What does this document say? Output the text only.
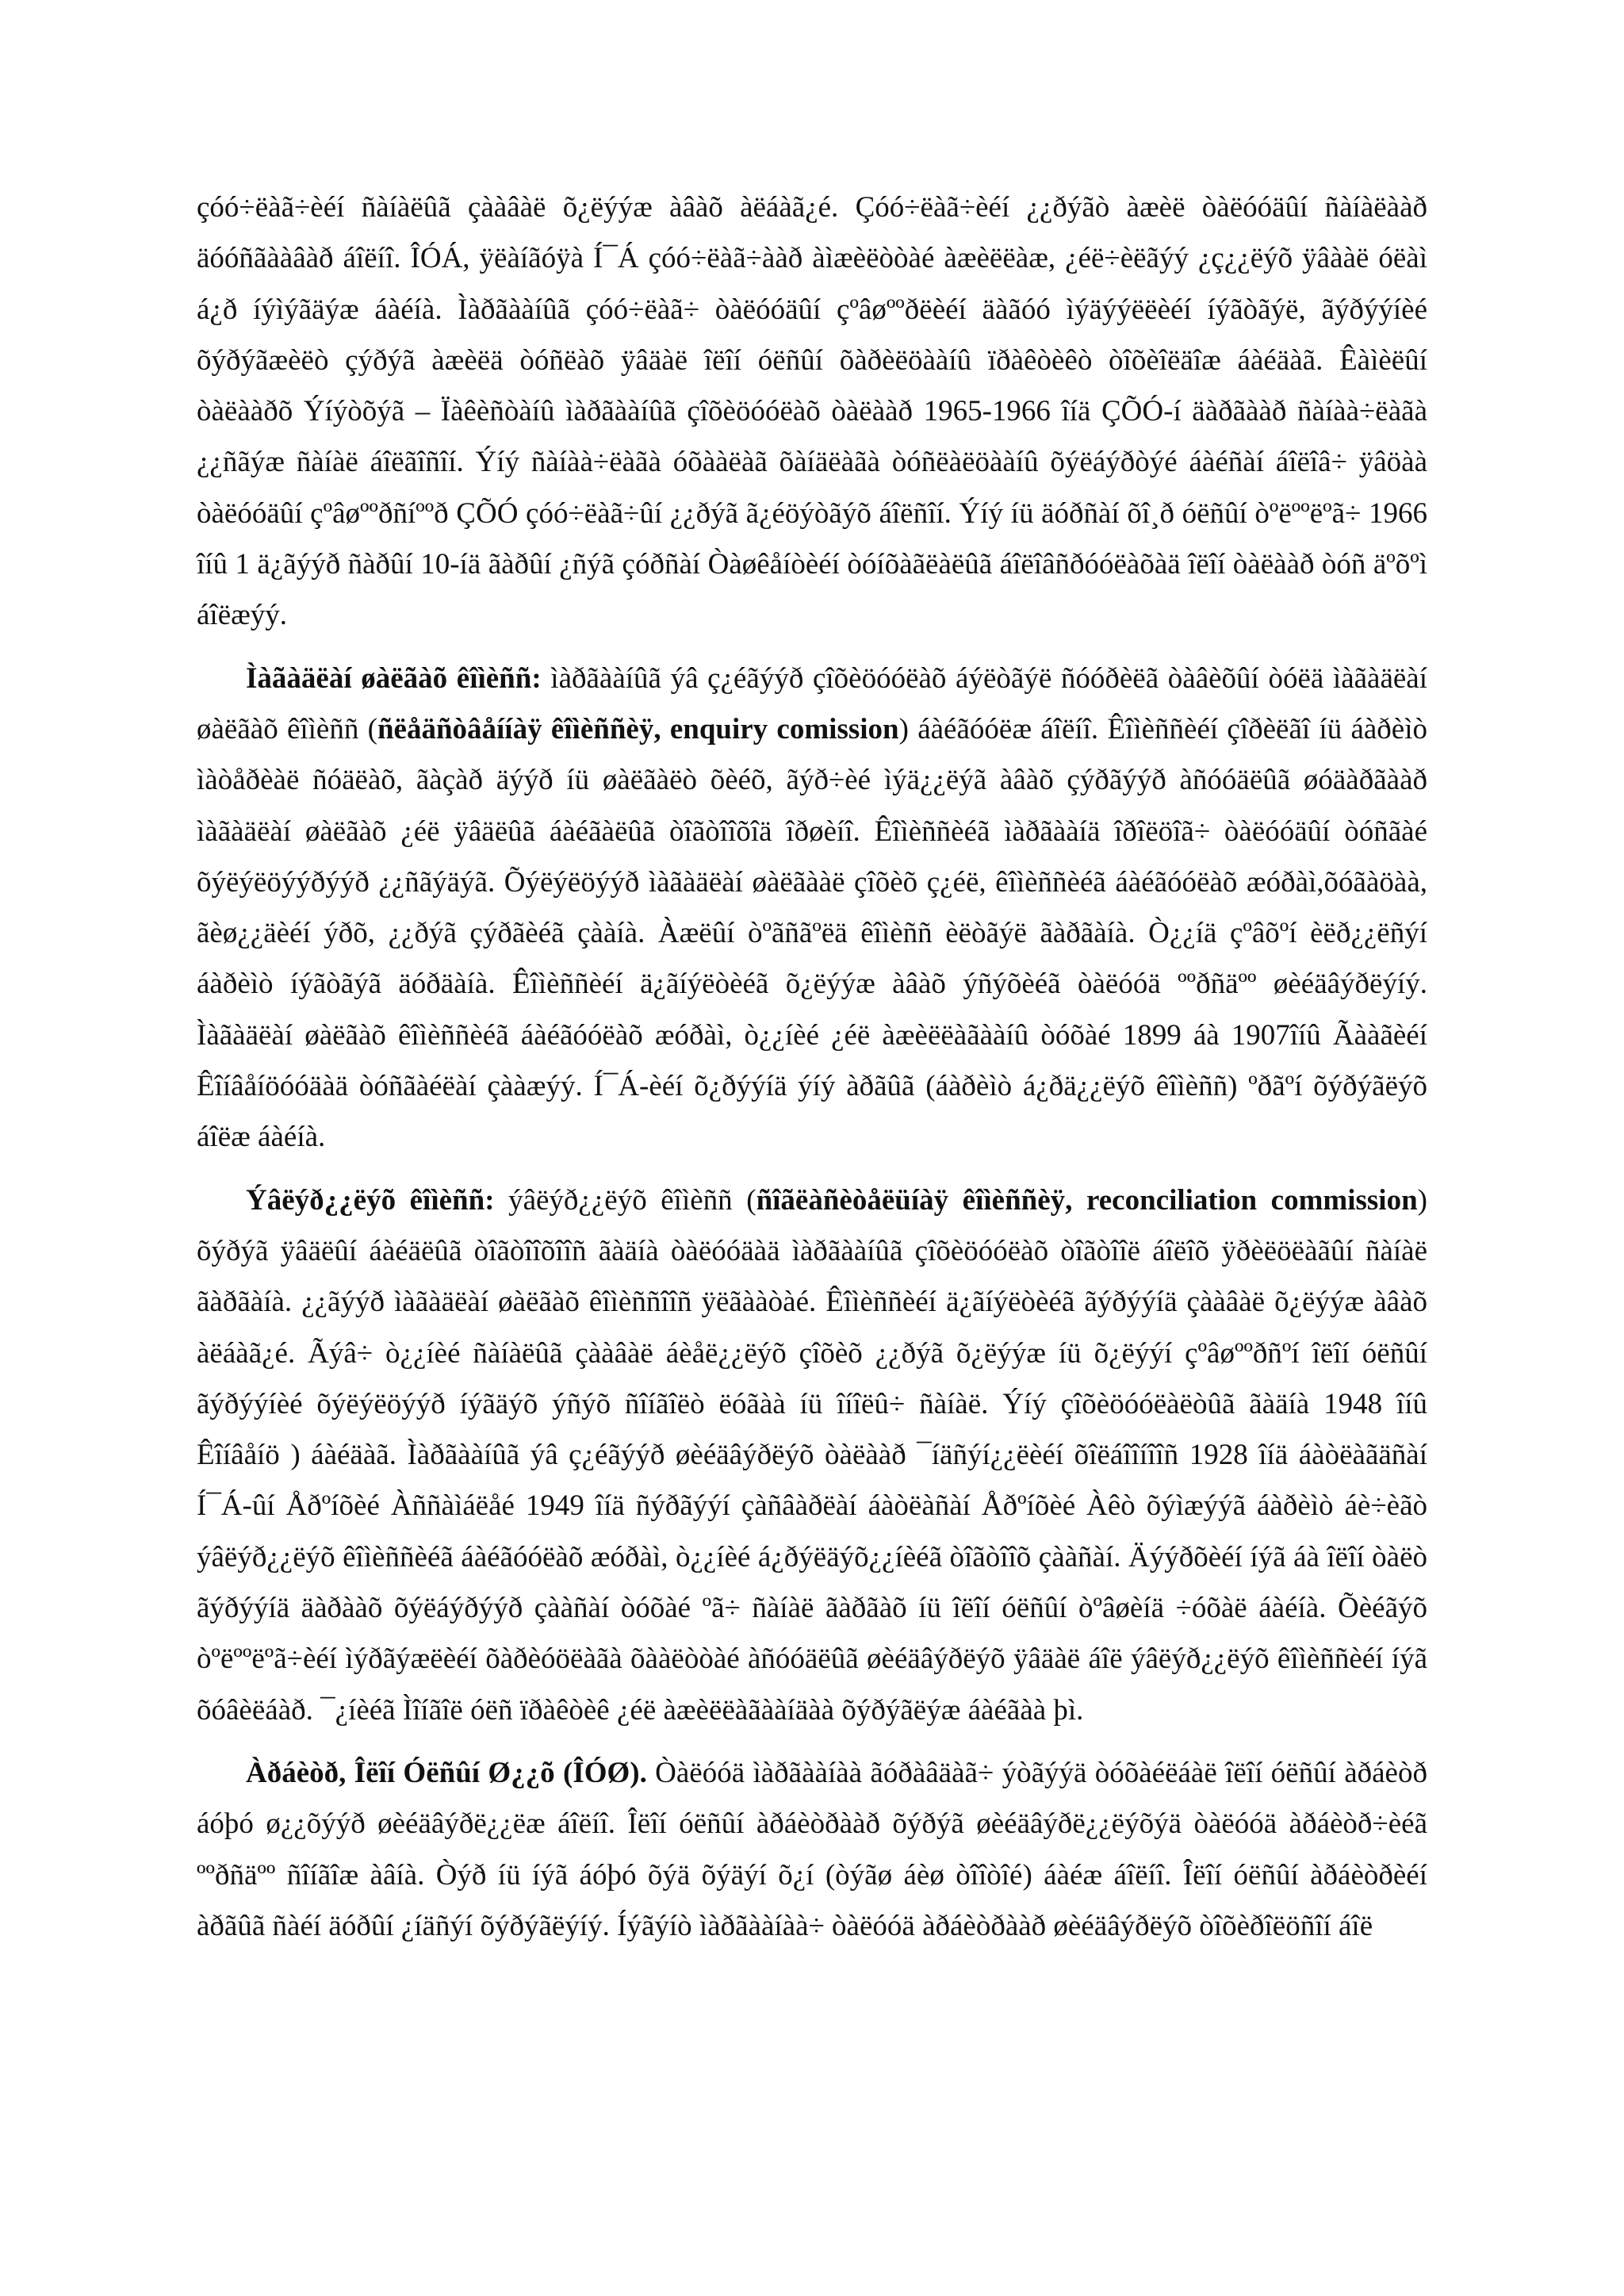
çóó÷ëàã÷èéí ñàíàëûã çààâàë õ¿ëýýæ àâàõ àëáàã¿é. Çóó÷ëàã÷èéí ¿¿ðýãò àæèë òàëóóäûí ñàíàëààð äóóñãààâàð áîëíî. ÎÓÁ, ÿëàíãóÿà Í¯Á çóó÷ëàã÷ààð àìæèëòòàé àæèëëàæ, ¿éë÷èëãýý ¿ç¿¿ëýõ ÿâààë óëàì á¿ð íýìýãäýæ áàéíà. Ìàðãààíûã çóó÷ëàã÷ òàëóóäûí çºâøººðëèéí äàãóó ìýäýýëëèéí íýãòãýë, ãýðýýíèé õýðýãæèëò çýðýã àæèëä òóñëàõ ÿâäàë îëîí óëñûí õàðèëöààíû ïðàêòèêò òîõèîëäîæ áàéäàã. Êàìèëûí òàëààðõ Ýíýòõýã – Ïàêèñòàíû ìàðãààíûã çîõèöóóëàõ òàëààð 1965-1966 îíä ÇÕÓ-í äàðãààð ñàíàà÷ëàãà ¿¿ñãýæ ñàíàë áîëãîñîí. Ýíý ñàíàà÷ëàãà óõààëàã õàíäëàãà òóñëàëöààíû õýëáýðòýé áàéñàí áîëîâ÷ ÿâöàà òàëóóäûí çºâøººðñíººð ÇÕÓ çóó÷ëàã÷ûí ¿¿ðýã ã¿éöýòãýõ áîëñîí. Ýíý íü äóðñàí õî¸ð óëñûí òºëººëºã÷ 1966 îíû 1 ä¿ãýýð ñàðûí 10-íä ãàðûí ¿ñýã çóðñàí Òàøêåíòèéí òóíõàãëàëûã áîëîâñðóóëàõàä îëîí òàëààð òóñ äºõºì áîëæýý.

Ìàãàäëàí øàëãàõ êîìèññ: ìàðãààíûã ýâ ç¿éãýýð çîõèöóóëàõ áýëòãýë ñóóðèëã òàâèõûí òóëä ìàãàäëàí øàëãàõ êîìèññ (ñëåäñòâåííàÿ êîìèññèÿ, enquiry comission) áàéãóóëæ áîëíî. Êîìèññèéí çîðèëãî íü áàðèìò ìàòåðèàë ñóäëàõ, ãàçàð äýýð íü øàëãàëò õèéõ, ãýð÷èé ìýä¿¿ëýã àâàõ çýðãýýð àñóóäëûã øóäàðãààð ìàãàäëàí øàëãàõ ¿éë ÿâäëûã áàéãàëûã òîãòîîõîä îðøèíî. Êîìèññèéã ìàðãààíä îðîëöîã÷ òàëóóäûí òóñãàé õýëýëöýýðýýð ¿¿ñãýäýã. Õýëýëöýýð ìàãàäëàí øàëãààë çîõèõ ç¿éë, êîìèññèéã áàéãóóëàõ æóðàì,õóãàöàà, ãèø¿¿äèéí ýðõ, ¿¿ðýã çýðãèéã çààíà. Àæëûí òºãñãºëä êîìèññ èëòãýë ãàðãàíà. Ò¿¿íä çºâõºí èëð¿¿ëñýí áàðèìò íýãòãýã äóðäàíà. Êîìèññèéí ä¿ãíýëòèéã õ¿ëýýæ àâàõ ýñýõèéã òàëóóä ººðñäºº øèéäâýðëýíý. Ìàãàäëàí øàëãàõ êîìèññèéã áàéãóóëàõ æóðàì, ò¿¿íèé ¿éë àæèëëàãààíû òóõàé 1899 áà 1907îíû Ãààãèéí Êîíâåíöóóäàä òóñãàéëàí çààæýý. Í¯Á-èéí õ¿ðýýíä ýíý àðãûã (áàðèìò á¿ðä¿¿ëýõ êîìèññ) ºðãºí õýðýãëýõ áîëæ áàéíà.

Ýâëýð¿¿ëýõ êîìèññ: ýâëýð¿¿ëýõ êîìèññ (ñîãëàñèòåëüíàÿ êîìèññèÿ, reconciliation commission) õýðýã ÿâäëûí áàéäëûã òîãòîîõîîñ ãàäíà òàëóóäàä ìàðãààíûã çîõèöóóëàõ òîãòîîë áîëîõ ÿðèëöëàãûí ñàíàë ãàðãàíà. ¿¿ãýýð ìàãàäëàí øàëãàõ êîìèññîîñ ÿëãààòàé. Êîìèññèéí ä¿ãíýëòèéã ãýðýýíä çààâàë õ¿ëýýæ àâàõ àëáàã¿é. Ãýâ÷ ò¿¿íèé ñàíàëûã çààâàë áèåë¿¿ëýõ çîõèõ ¿¿ðýã õ¿ëýýæ íü õ¿ëýýí çºâøººðñºí îëîí óëñûí ãýðýýíèé õýëýëöýýð íýãäýõ ýñýõ ñîíãîëò ëóãàà íü îíîëû÷ ñàíàë. Ýíý çîõèöóóëàëòûã ãàäíà 1948 îíû Êîíâåíö ) áàéäàã. Ìàðãààíûã ýâ ç¿éãýýð øèéäâýðëýõ òàëààð ¯íäñýí¿¿ëèéí õîëáîîíîîñ 1928 îíä áàòëàãäñàí Í¯Á-ûí Åðºíõèé Àññàìáëåé 1949 îíä ñýðãýýí çàñâàðëàí áàòëàñàí Åðºíõèé Àêò õýìæýýã áàðèìò áè÷èãò ýâëýð¿¿ëýõ êîìèññèéã áàéãóóëàõ æóðàì, ò¿¿íèé á¿ðýëäýõ¿¿íèéã òîãòîîõ çààñàí. Äýýðõèéí íýã áà îëîí òàëò ãýðýýíä äàðààõ õýëáýðýýð çààñàí òóõàé ºã÷ ñàíàë ãàðãàõ íü îëîí óëñûí òºâøèíä ÷óõàë áàéíà. Õèéãýõ òºëººëºã÷èéí ìýðãýæëèéí õàðèóöëàãà õààëòòàé àñóóäëûã øèéäâýðëýõ ÿâäàë áîë ýâëýð¿¿ëýõ êîìèññèéí íýã õóâèëáàð. ¯¿íèéã Ìîíãîë óëñ ïðàêòèê ¿éë àæèëëàãààíäàà õýðýãëýæ áàéãàà þì.

Àðáèòð, Îëîí Óëñûí Ø¿¿õ (ÎÓØ). Òàëóóä ìàðãààíàà ãóðàâäàã÷ ýòãýýä òóõàéëáàë îëîí óëñûí àðáèòð áóþó ø¿¿õýýð øèéäâýðë¿¿ëæ áîëíî. Îëîí óëñûí àðáèòðààð õýðýã øèéäâýðë¿¿ëýõýä òàëóóä àðáèòð÷èéã ººðñäºº ñîíãîæ àâíà. Òýð íü íýã áóþó õýä õýäýí õ¿í (òýãø áèø òîîòîé) áàéæ áîëíî. Îëîí óëñûí àðáèòðèéí àðãûã ñàéí äóðûí ¿íäñýí õýðýãëýíý. Íýãýíò ìàðãààíàà÷ òàëóóä àðáèòðààð øèéäâýðëýõ òîõèðîëöñîí áîë
